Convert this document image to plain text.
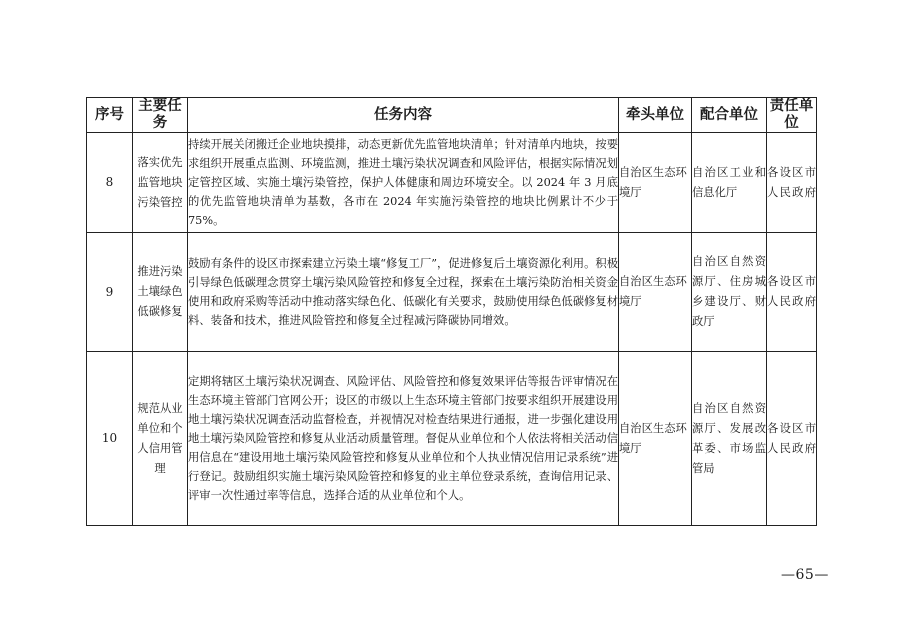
序号	主要任务	任务内容	牵头单位	配合单位	责任单位
8	落实优先监管地块污染管控	持续开展关闭搬迁企业地块摸排，动态更新优先监管地块清单；针对清单内地块，按要求组织开展重点监测、环境监测，推进土壤污染状况调查和风险评估，根据实际情况划定管控区域、实施土壤污染管控，保护人体健康和周边环境安全。以 2024 年 3 月底的优先监管地块清单为基数，各市在 2024 年实施污染管控的地块比例累计不少于 75%。	自治区生态环境厅	自治区工业和信息化厅	各设区市人民政府
9	推进污染土壤绿色低碳修复	鼓励有条件的设区市探索建立污染土壤“修复工厂”，促进修复后土壤资源化利用。积极引导绿色低碳理念贯穿土壤污染风险管控和修复全过程，探索在土壤污染防治相关资金使用和政府采购等活动中推动落实绿色化、低碳化有关要求，鼓励使用绿色低碳修复材料、装备和技术，推进风险管控和修复全过程减污降碳协同增效。	自治区生态环境厅	自治区自然资源厅、住房城乡建设厅、财政厅	各设区市人民政府
10	规范从业单位和个人信用管理	定期将辖区土壤污染状况调查、风险评估、风险管控和修复效果评估等报告评审情况在生态环境主管部门官网公开；设区的市级以上生态环境主管部门按要求组织开展建设用地土壤污染状况调查活动监督检查，并视情况对检查结果进行通报，进一步强化建设用地土壤污染风险管控和修复从业活动质量管理。督促从业单位和个人依法将相关活动信用信息在“建设用地土壤污染风险管控和修复从业单位和个人执业情况信用记录系统”进行登记。鼓励组织实施土壤污染风险管控和修复的业主单位登录系统，查询信用记录、评审一次性通过率等信息，选择合适的从业单位和个人。	自治区生态环境厅	自治区自然资源厅、发展改革委、市场监管局	各设区市人民政府
—65—
